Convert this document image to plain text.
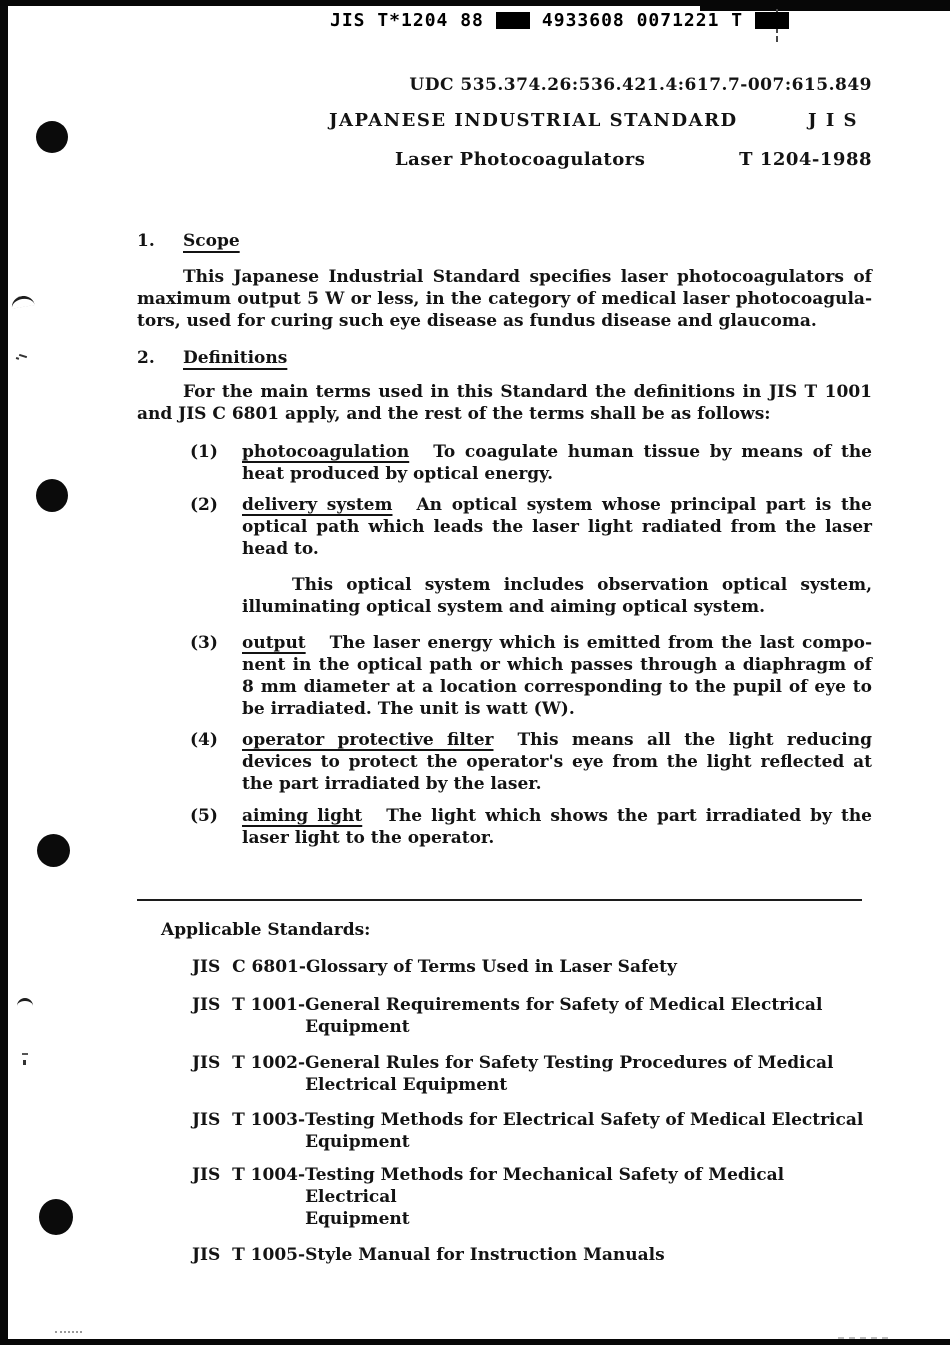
JIS T*1204 88	4933608 0071221 T
UDC 535.374.26:536.421.4:617.7-007:615.849
JAPANESE INDUSTRIAL STANDARD	J I S
Laser Photocoagulators	T 1204-1988
1.	Scope
This Japanese Industrial Standard specifies laser photocoagulators of
maximum output 5 W or less, in the category of medical laser photocoagula-
tors, used for curing such eye disease as fundus disease and glaucoma.
2.	Definitions
For the main terms used in this Standard the definitions in JIS T 1001
and JIS C 6801 apply, and the rest of the terms shall be as follows:
(1)	photocoagulation To coagulate human tissue by means of the
heat produced by optical energy.
(2)	delivery system An optical system whose principal part is the
optical path which leads the laser light radiated from the laser
head to.
This optical system includes observation optical system,
illuminating optical system and aiming optical system.
(3)	output The laser energy which is emitted from the last compo-
nent in the optical path or which passes through a diaphragm of
8 mm diameter at a location corresponding to the pupil of eye to
be irradiated. The unit is watt (W).
(4)	operator protective filter This means all the light reducing
devices to protect the operator's eye from the light reflected at
the part irradiated by the laser.
(5)	aiming light The light which shows the part irradiated by the
laser light to the operator.
Applicable Standards:
JIS  C 6801- Glossary of Terms Used in Laser Safety
JIS  T 1001- General Requirements for Safety of Medical Electrical
Equipment
JIS  T 1002- General Rules for Safety Testing Procedures of Medical
Electrical Equipment
JIS  T 1003- Testing Methods for Electrical Safety of Medical Electrical
Equipment
JIS  T 1004- Testing Methods for Mechanical Safety of Medical Electrical
Equipment
JIS  T 1005- Style Manual for Instruction Manuals
